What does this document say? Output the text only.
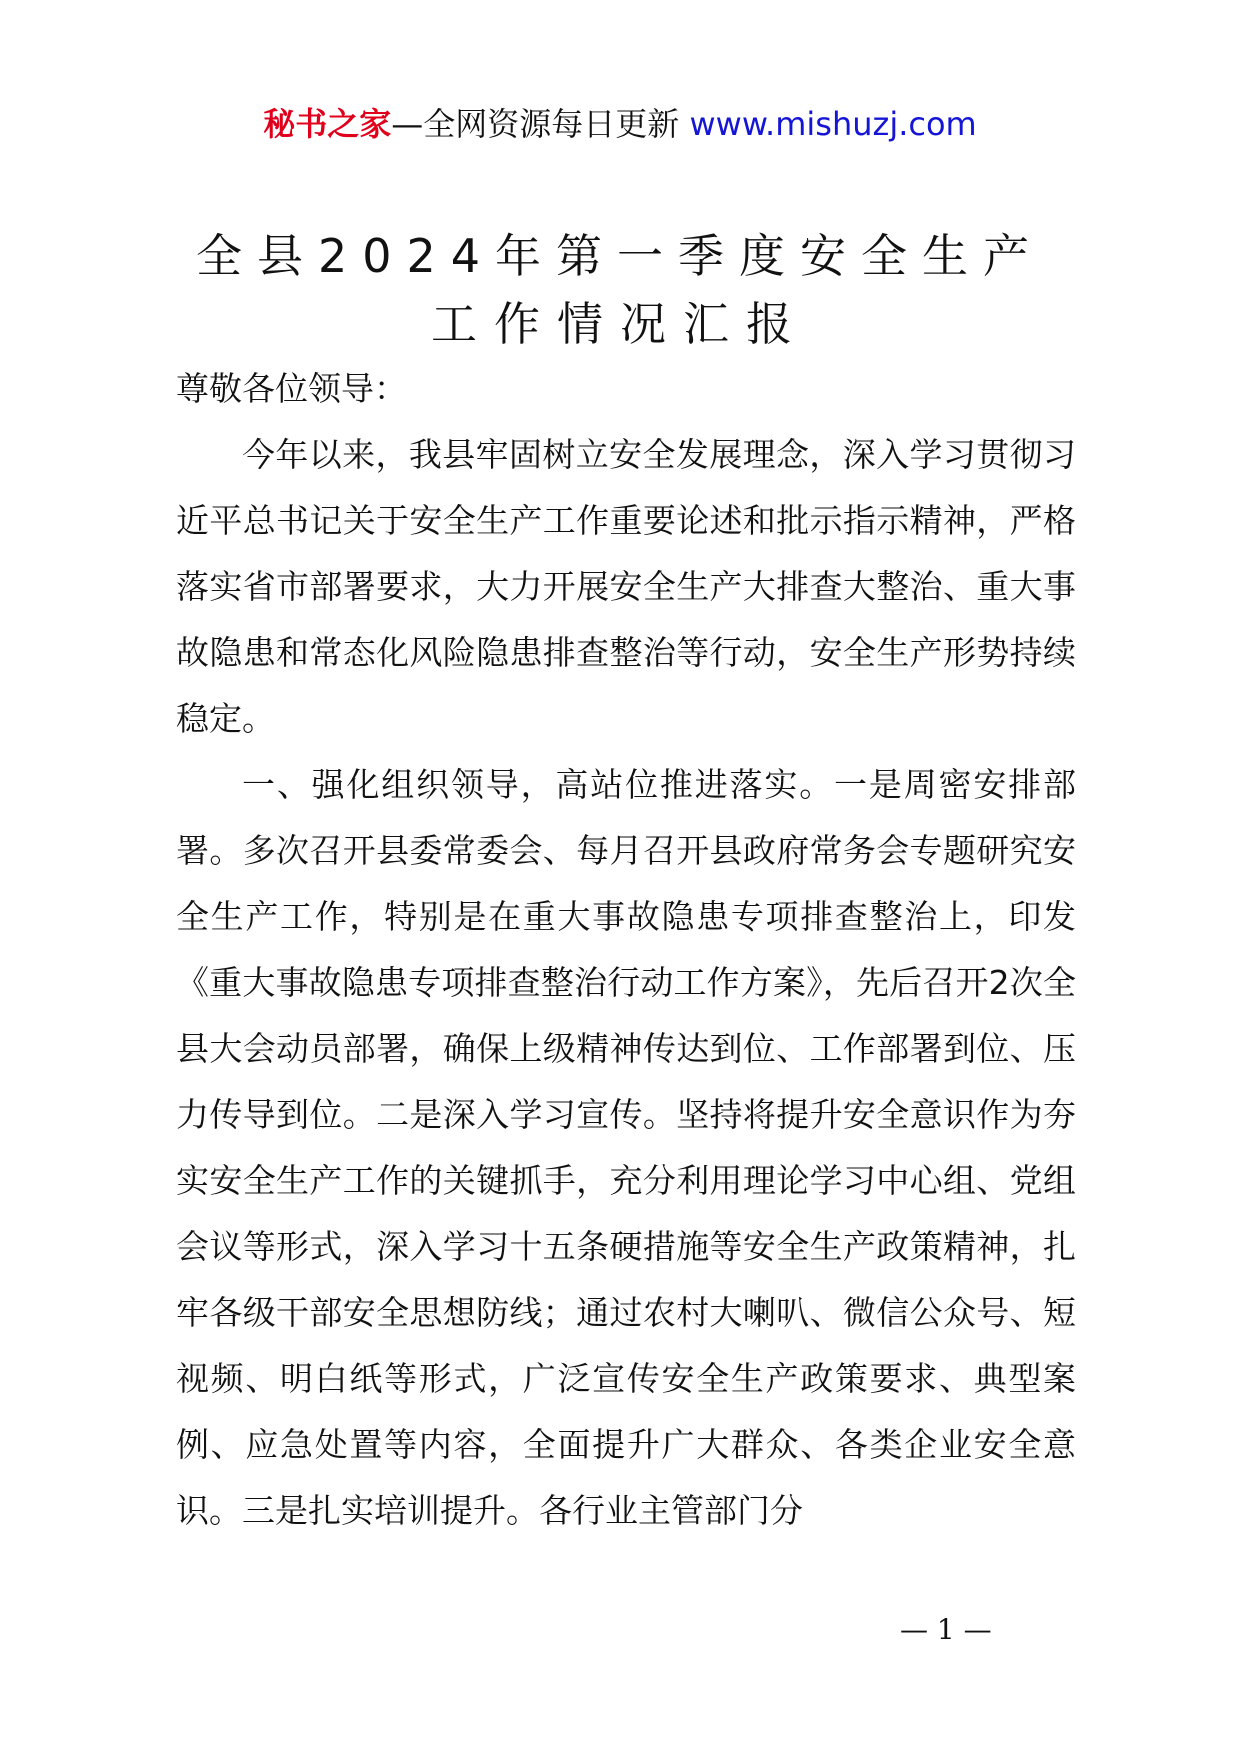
秘书之家—全网资源每日更新 www.mishuzj.com
全县2024年第一季度安全生产
工作情况汇报

尊敬各位领导：

今年以来，我县牢固树立安全发展理念，深入学习贯彻习近平总书记关于安全生产工作重要论述和批示指示精神，严格落实省市部署要求，大力开展安全生产大排查大整治、重大事故隐患和常态化风险隐患排查整治等行动，安全生产形势持续稳定。

一、强化组织领导，高站位推进落实。一是周密安排部署。多次召开县委常委会、每月召开县政府常务会专题研究安全生产工作，特别是在重大事故隐患专项排查整治上，印发《重大事故隐患专项排查整治行动工作方案》，先后召开2次全县大会动员部署，确保上级精神传达到位、工作部署到位、压力传导到位。二是深入学习宣传。坚持将提升安全意识作为夯实安全生产工作的关键抓手，充分利用理论学习中心组、党组会议等形式，深入学习十五条硬措施等安全生产政策精神，扎牢各级干部安全思想防线；通过农村大喇叭、微信公众号、短视频、明白纸等形式，广泛宣传安全生产政策要求、典型案例、应急处置等内容，全面提升广大群众、各类企业安全意识。三是扎实培训提升。各行业主管部门分

— 1 —
